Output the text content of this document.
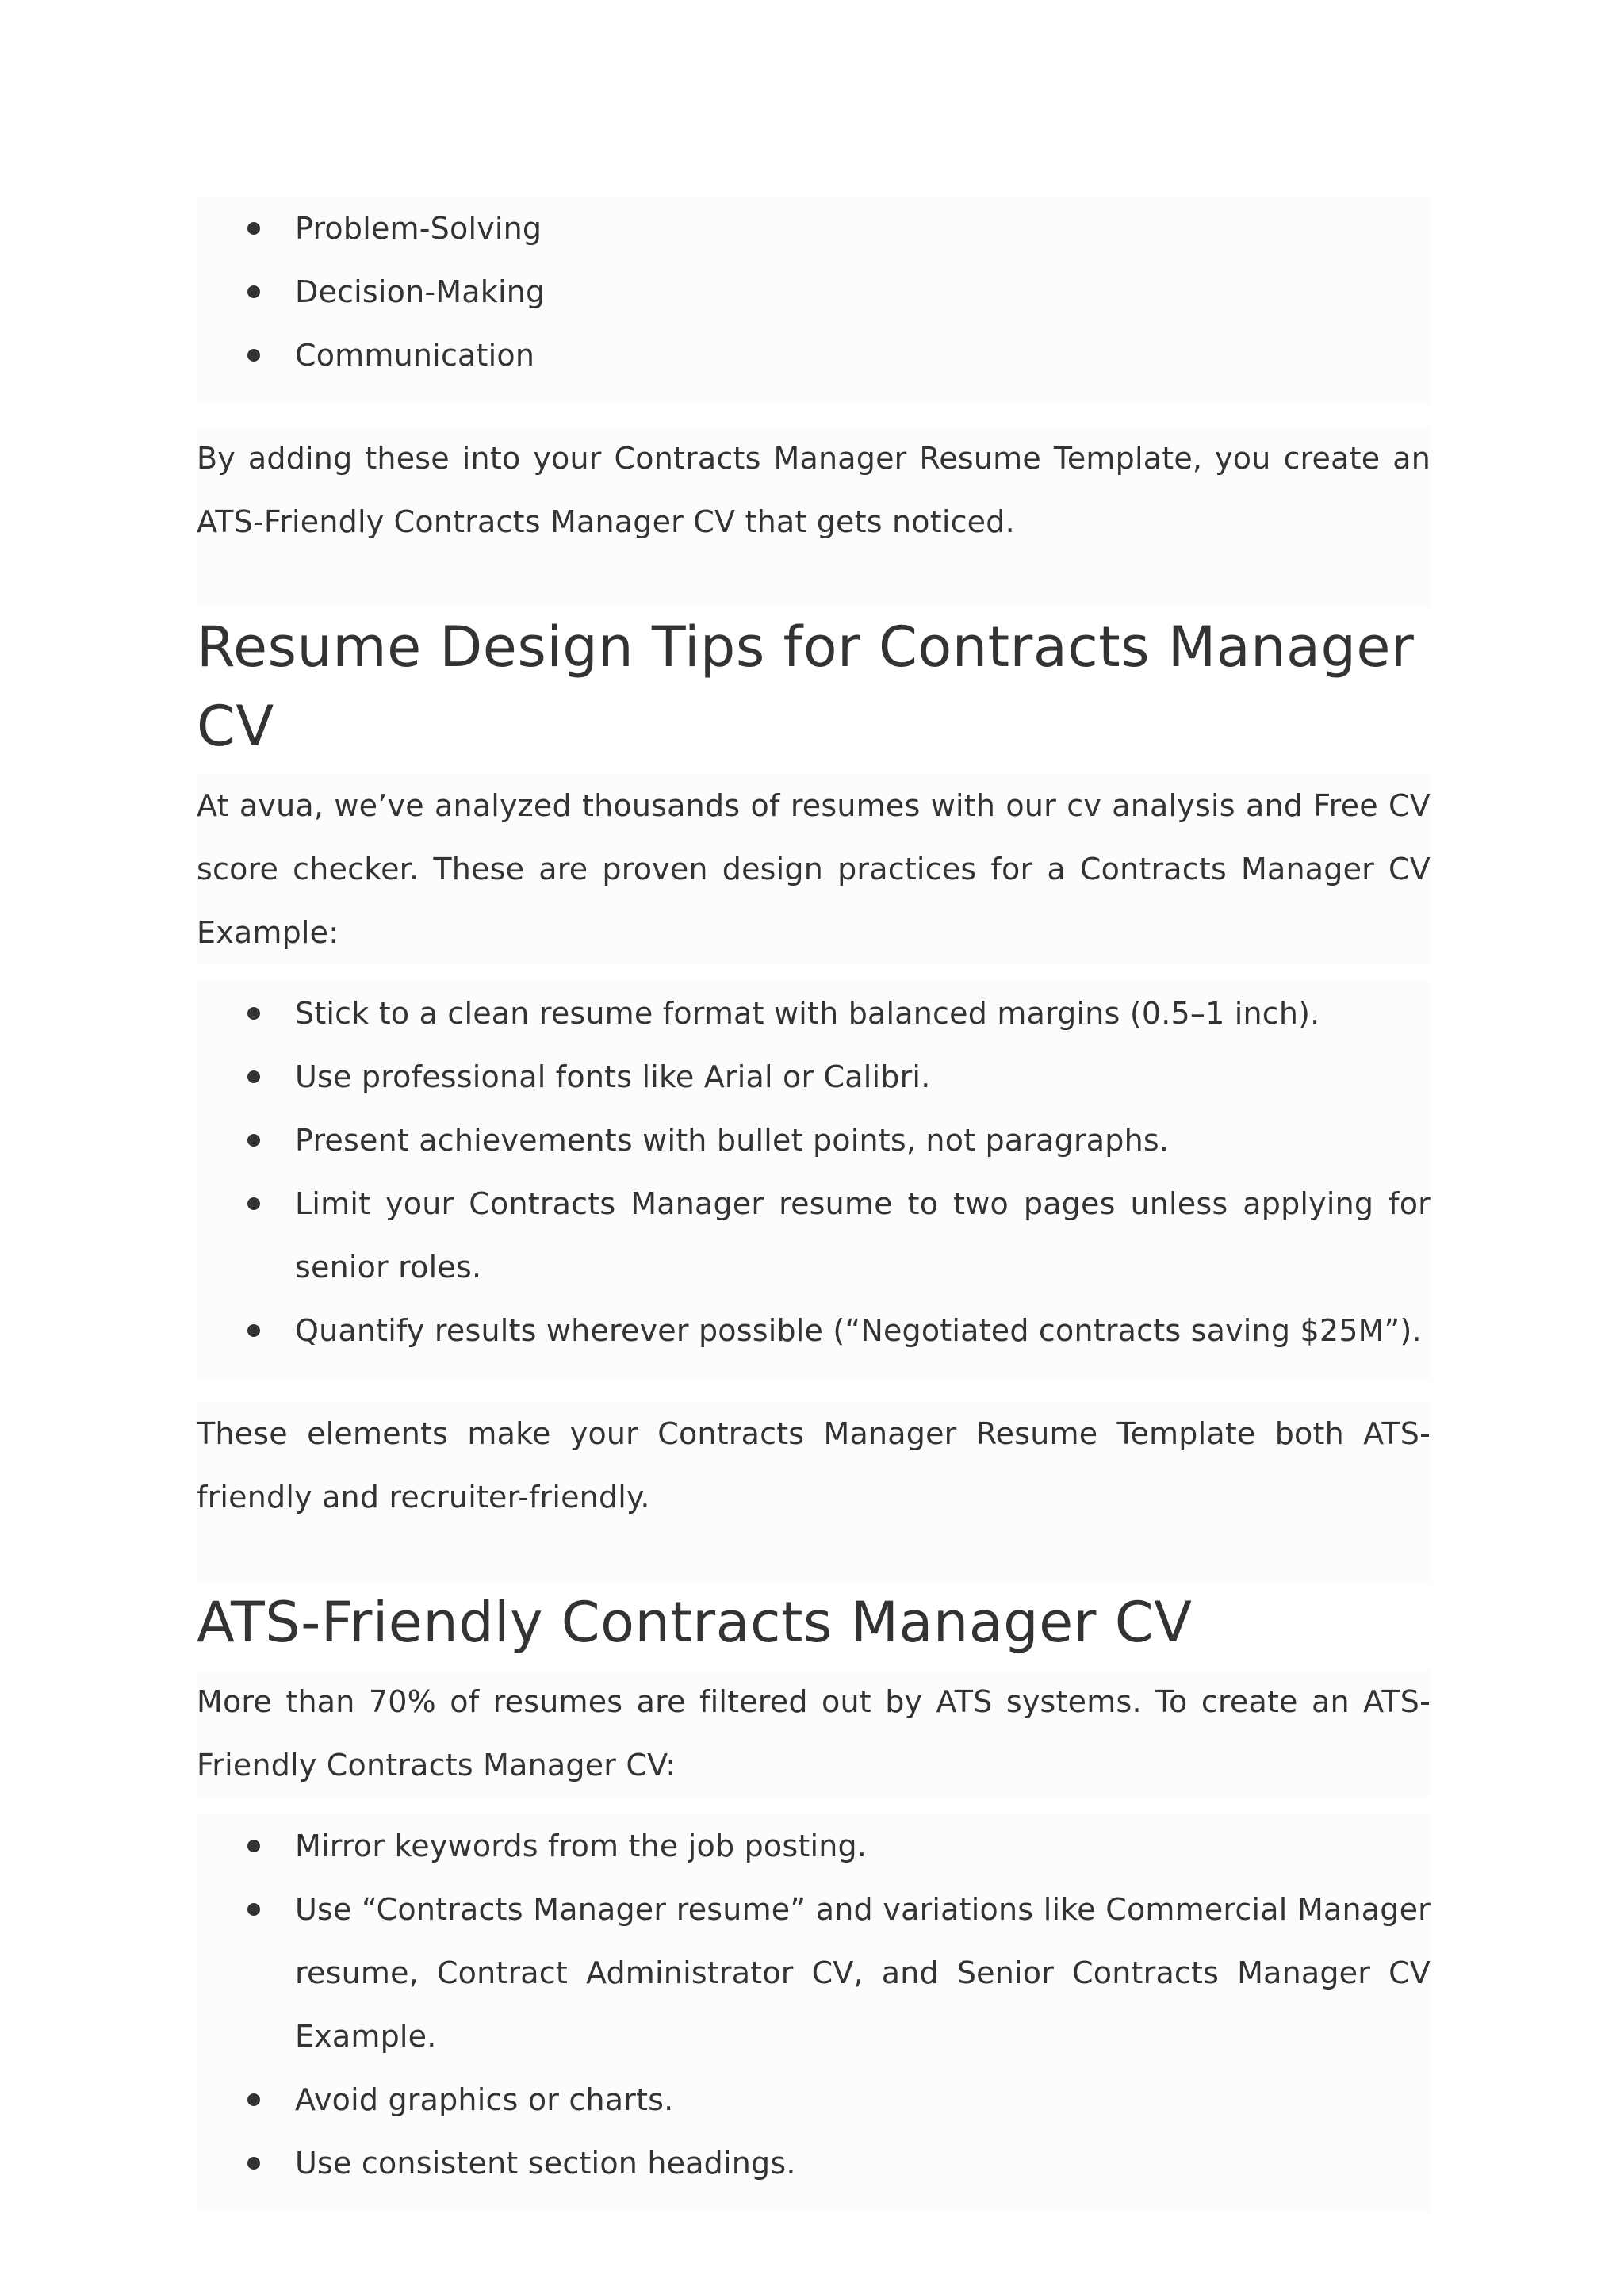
Problem-Solving
Decision-Making
Communication

By adding these into your Contracts Manager Resume Template, you create an ATS-Friendly Contracts Manager CV that gets noticed.

Resume Design Tips for Contracts Manager CV

At avua, we’ve analyzed thousands of resumes with our cv analysis and Free CV score checker. These are proven design practices for a Contracts Manager CV Example:

Stick to a clean resume format with balanced margins (0.5–1 inch).
Use professional fonts like Arial or Calibri.
Present achievements with bullet points, not paragraphs.
Limit your Contracts Manager resume to two pages unless applying for senior roles.
Quantify results wherever possible (“Negotiated contracts saving $25M”).

These elements make your Contracts Manager Resume Template both ATS-friendly and recruiter-friendly.

ATS-Friendly Contracts Manager CV

More than 70% of resumes are filtered out by ATS systems. To create an ATS-Friendly Contracts Manager CV:

Mirror keywords from the job posting.
Use “Contracts Manager resume” and variations like Commercial Manager resume, Contract Administrator CV, and Senior Contracts Manager CV Example.
Avoid graphics or charts.
Use consistent section headings.
